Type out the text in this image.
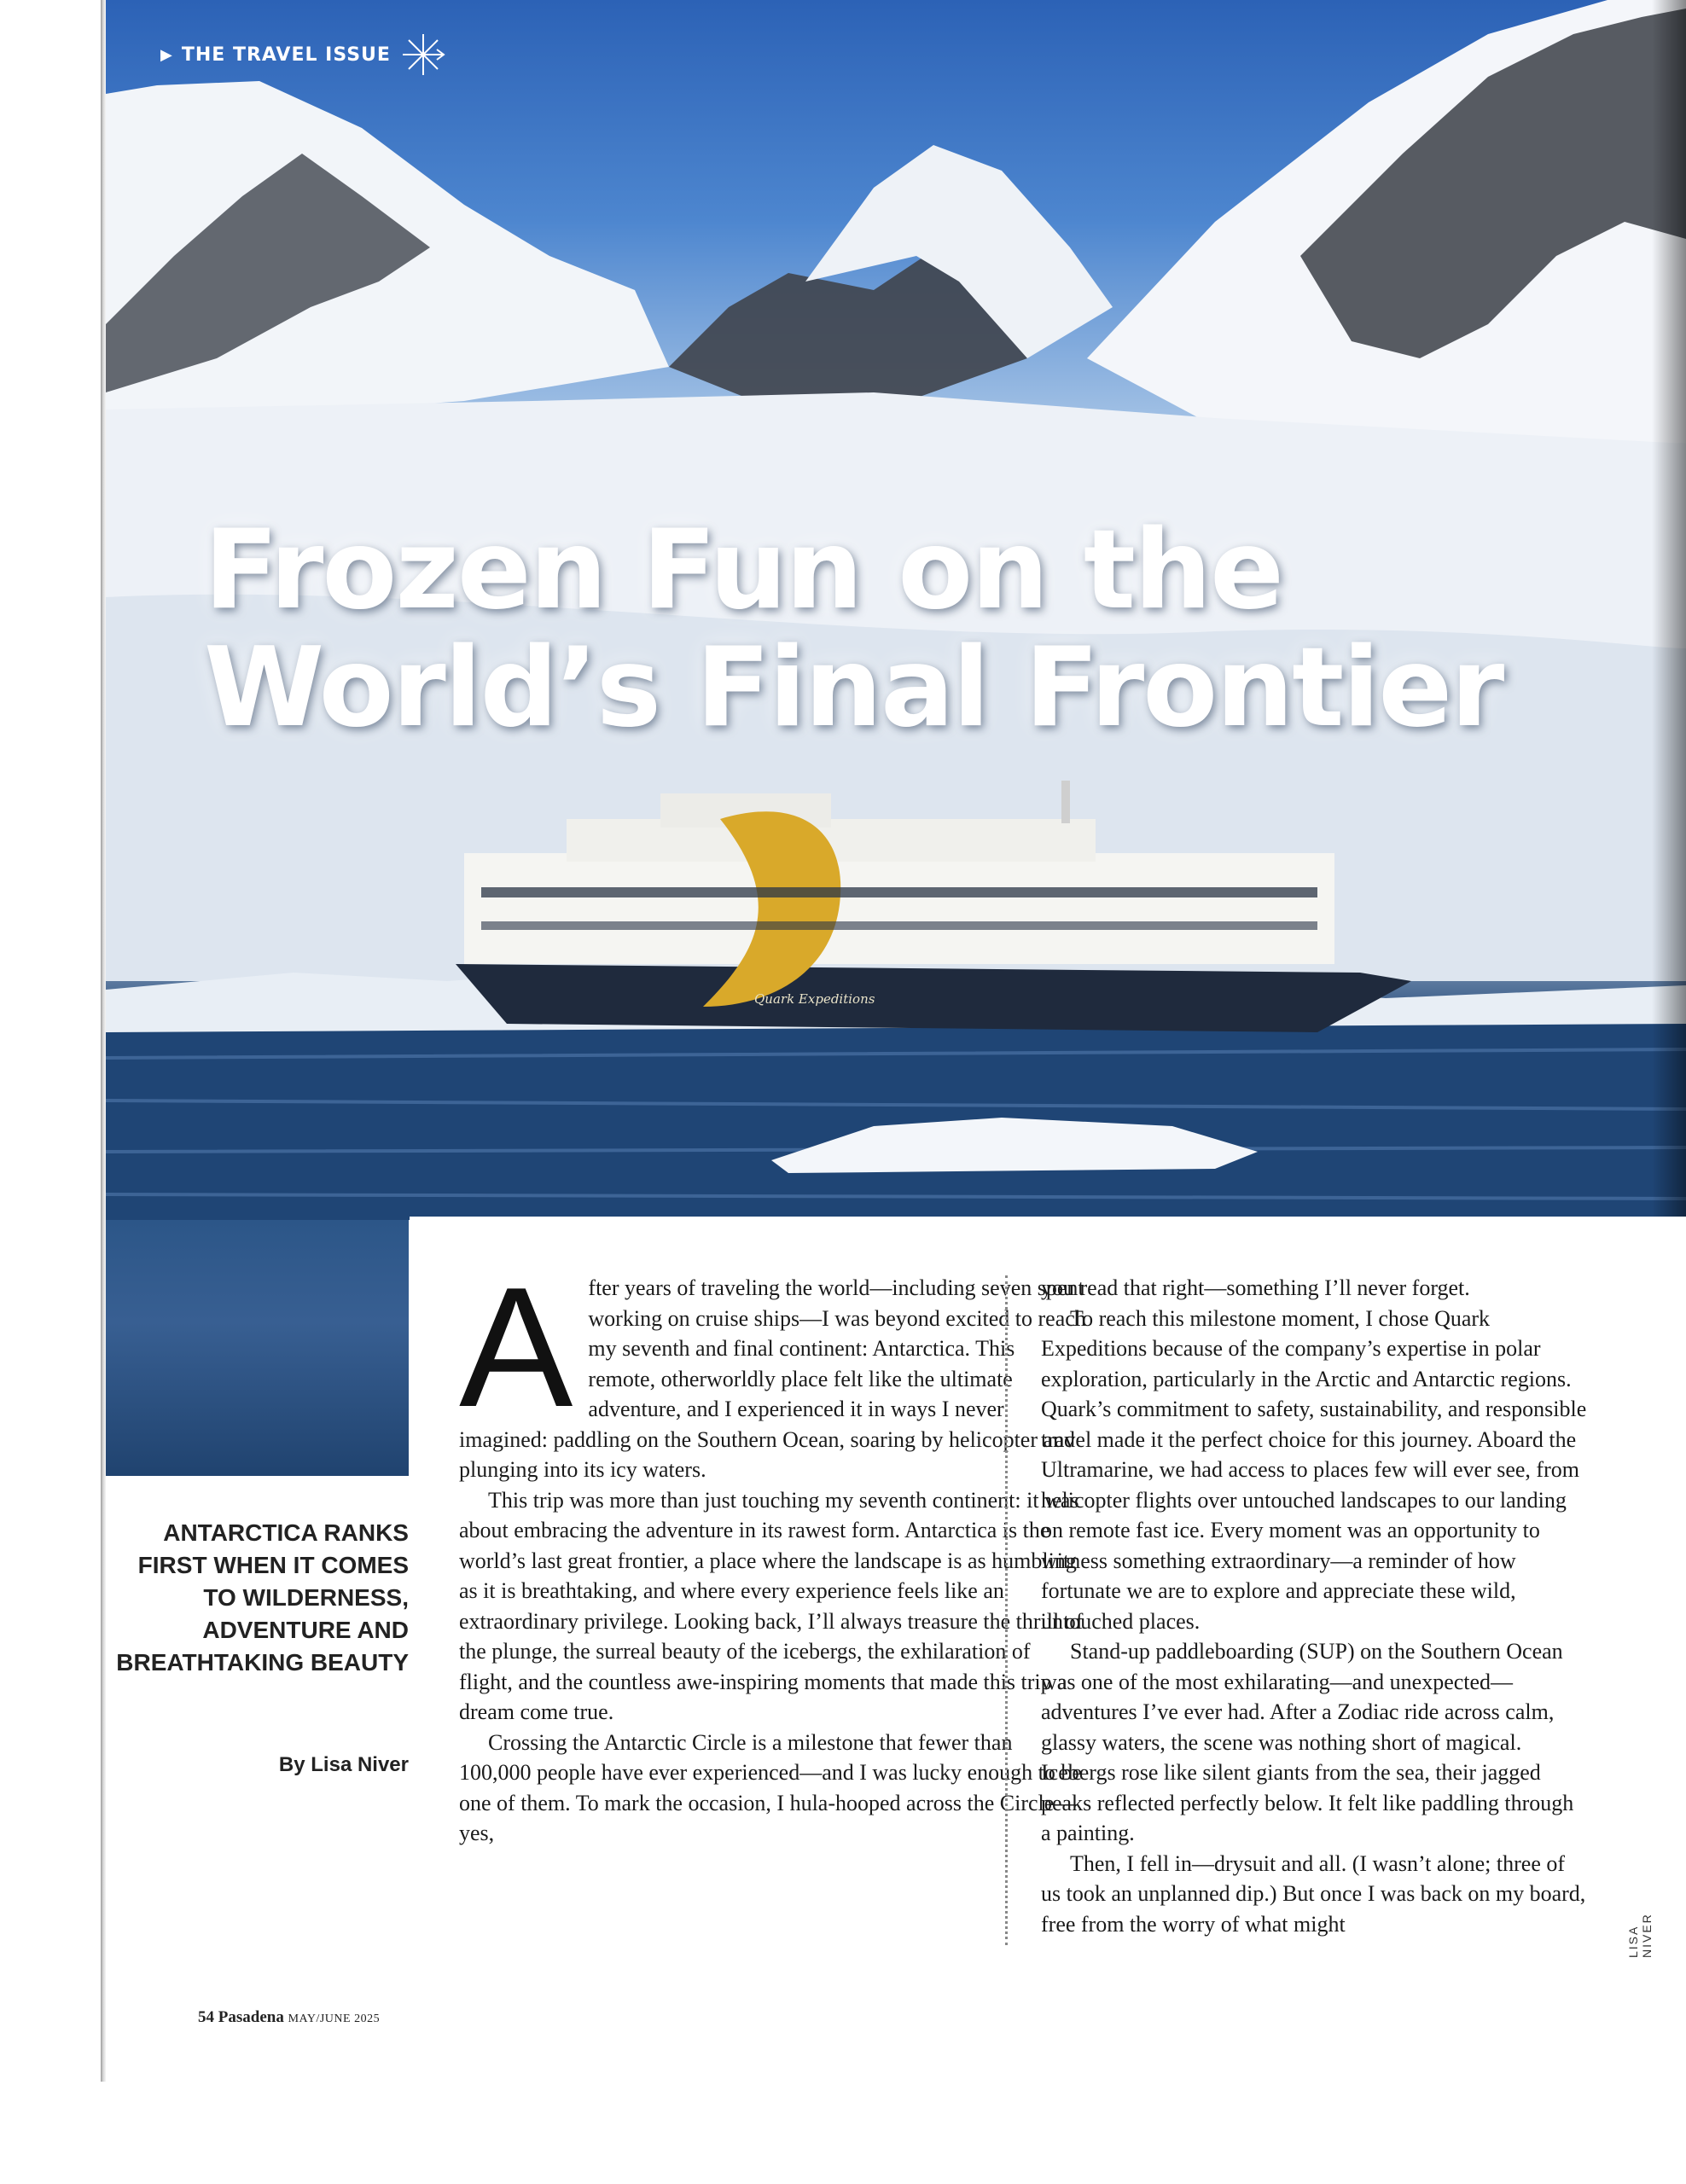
▶ THE TRAVEL ISSUE
Frozen Fun on the
World’s Final Frontier
Quark Expeditions
ANTARCTICA RANKS FIRST WHEN IT COMES TO WILDERNESS, ADVENTURE AND BREATHTAKING BEAUTY
By Lisa Niver

After years of traveling the world—including seven spent working on cruise ships—I was beyond excited to reach my seventh and final continent: Antarctica. This remote, otherworldly place felt like the ultimate adventure, and I experienced it in ways I never imagined: paddling on the Southern Ocean, soaring by helicopter and plunging into its icy waters.

This trip was more than just touching my seventh continent: it was about embracing the adventure in its rawest form. Antarctica is the world’s last great frontier, a place where the landscape is as humbling as it is breathtaking, and where every experience feels like an extraordinary privilege. Looking back, I’ll always treasure the thrill of the plunge, the surreal beauty of the icebergs, the exhilaration of flight, and the countless awe-inspiring moments that made this trip a dream come true.

Crossing the Antarctic Circle is a milestone that fewer than 100,000 people have ever experienced—and I was lucky enough to be one of them. To mark the occasion, I hula-hooped across the Circle—yes,

you read that right—something I’ll never forget.

To reach this milestone moment, I chose Quark Expeditions because of the company’s expertise in polar exploration, particularly in the Arctic and Antarctic regions. Quark’s commitment to safety, sustainability, and responsible travel made it the perfect choice for this journey. Aboard the Ultramarine, we had access to places few will ever see, from helicopter flights over untouched landscapes to our landing on remote fast ice. Every moment was an opportunity to witness something extraordinary—a reminder of how fortunate we are to explore and appreciate these wild, untouched places.

Stand-up paddleboarding (SUP) on the Southern Ocean was one of the most exhilarating—and unexpected—adventures I’ve ever had. After a Zodiac ride across calm, glassy waters, the scene was nothing short of magical. Icebergs rose like silent giants from the sea, their jagged peaks reflected perfectly below. It felt like paddling through a painting.

Then, I fell in—drysuit and all. (I wasn’t alone; three of us took an unplanned dip.) But once I was back on my board, free from the worry of what might

LISA NIVER
54 Pasadena MAY/JUNE 2025
